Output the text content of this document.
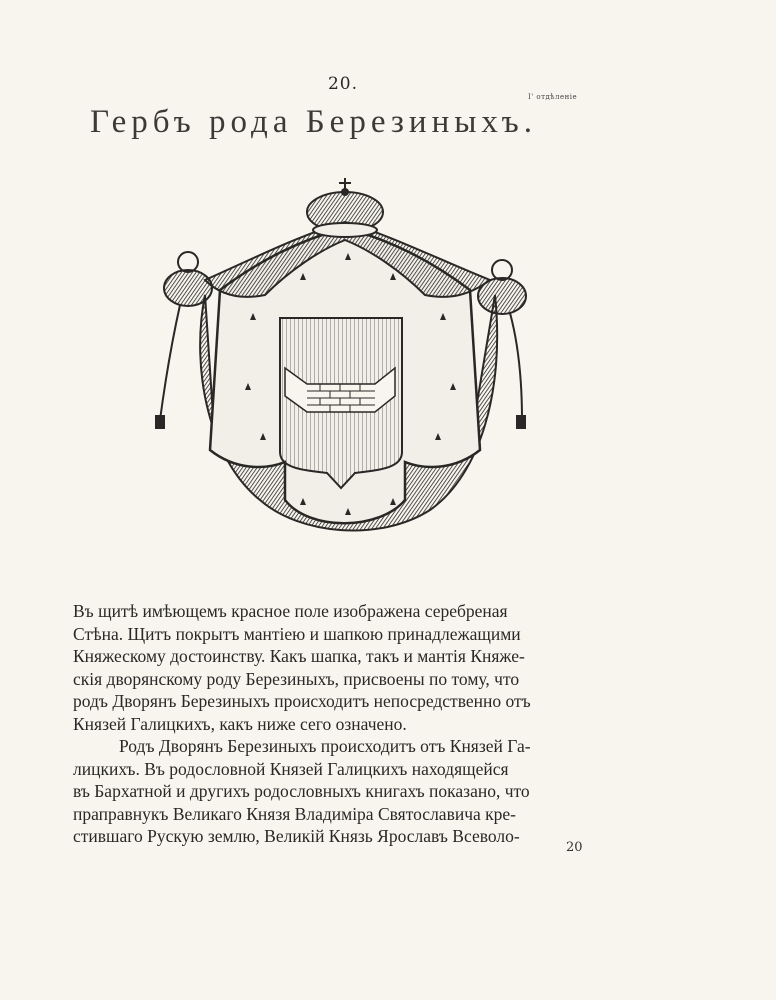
20.
I' отдѣленіе
Гербъ рода Березиныхъ.
Въ щитѣ имѣющемъ красное поле изображена серебреная
Стѣна. Щитъ покрытъ мантіею и шапкою принадлежащими
Княжескому достоинству. Какъ шапка, такъ и мантія Княже-
скія дворянскому роду Березиныхъ, присвоены по тому, что
родъ Дворянъ Березиныхъ происходитъ непосредственно отъ
Князей Галицкихъ, какъ ниже сего означено.
Родъ Дворянъ Березиныхъ происходитъ отъ Князей Га-
лицкихъ. Въ родословной Князей Галицкихъ находящейся
въ Бархатной и другихъ родословныхъ книгахъ показано, что
праправнукъ Великаго Князя Владиміра Святославича кре-
стившаго Рускую землю, Великій Князь Ярославъ Всеволо-
20
